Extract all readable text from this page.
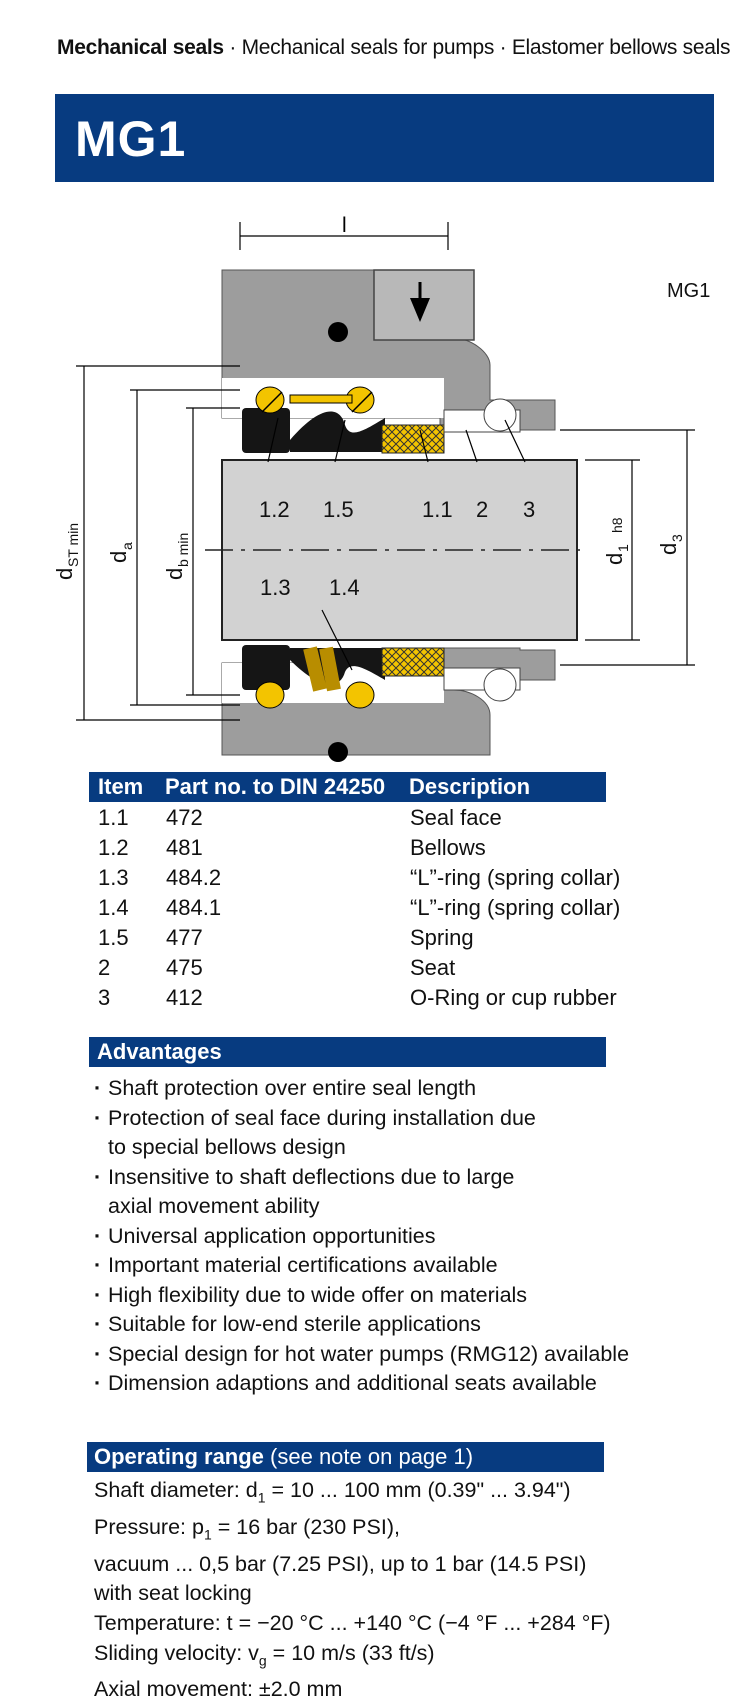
Mechanical seals · Mechanical seals for pumps · Elastomer bellows seals
MG1
MG1
l
1.2 1.5	1.1 2 3
1.3 1.4
d
ST min d
a
d
b min	d
1
h8
d
3
Item Part no. to DIN 24250 Description
1.1 472	Seal face
1.2 481	Bellows
1.3 484.2	“L”-ring (spring collar)
1.4 484.1	“L”-ring (spring collar)
1.5 477	Spring
2	475	Seat
3	412	O-Ring or cup rubber
Advantages
· Shaft protection over entire seal length
· Protection of seal face during installation due to special bellows design
· Insensitive to shaft deflections due to large axial movement ability
· Universal application opportunities
· Important material certifications available
· High flexibility due to wide offer on materials
· Suitable for low-end sterile applications
· Special design for hot water pumps (RMG12) available
· Dimension adaptions and additional seats available
Operating range (see note on page 1)
Shaft diameter: $d_1 = 10$ ... 100 mm (0.39" ... 3.94")
Pressure: $p_1 = 16$ bar (230 PSI),
vacuum ... 0,5 bar (7.25 PSI), up to 1 bar (14.5 PSI)
with seat locking
Temperature: t = −20 °C ... +140 °C (−4 °F ... +284 °F)
Sliding velocity: $v_g = 10$ m/s (33 ft/s)
Axial movement: ±2.0 mm
